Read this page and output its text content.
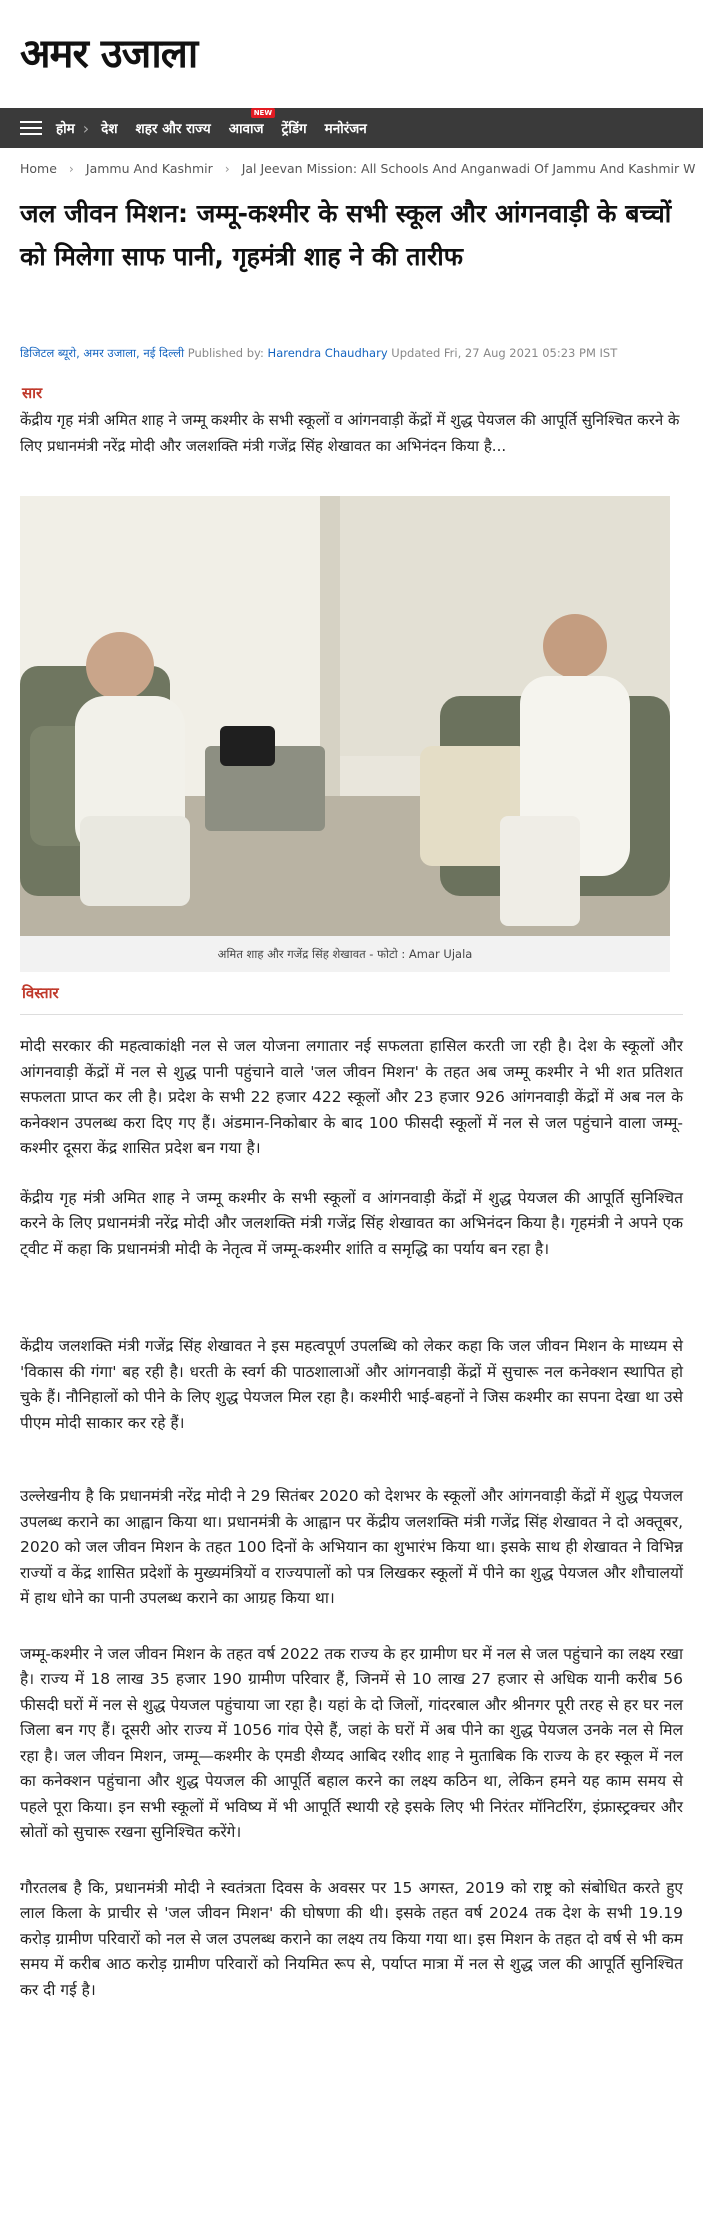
अमर उजाला
होम › देश शहर और राज्य
NEW
आवाज ट्रेंडिंग मनोरंजन
Home › Jammu And Kashmir › Jal Jeevan Mission: All Schools And Anganwadi Of Jammu And Kashmir W
जल जीवन मिशन: जम्मू-कश्मीर के सभी स्कूल और आंगनवाड़ी के बच्चों को मिलेगा साफ पानी, गृहमंत्री शाह ने की तारीफ
डिजिटल ब्यूरो, अमर उजाला, नई दिल्ली Published by: Harendra Chaudhary Updated Fri, 27 Aug 2021 05:23 PM IST
सार

केंद्रीय गृह मंत्री अमित शाह ने जम्मू कश्मीर के सभी स्कूलों व आंगनवाड़ी केंद्रों में शुद्ध पेयजल की आपूर्ति सुनिश्चित करने के लिए प्रधानमंत्री नरेंद्र मोदी और जलशक्ति मंत्री गजेंद्र सिंह शेखावत का अभिनंदन किया है...

अमित शाह और गजेंद्र सिंह शेखावत - फोटो : Amar Ujala
विस्तार

मोदी सरकार की महत्वाकांक्षी नल से जल योजना लगातार नई सफलता हासिल करती जा रही है। देश के स्कूलों और आंगनवाड़ी केंद्रों में नल से शुद्ध पानी पहुंचाने वाले 'जल जीवन मिशन' के तहत अब जम्मू कश्मीर ने भी शत प्रतिशत सफलता प्राप्त कर ली है। प्रदेश के सभी 22 हजार 422 स्कूलों और 23 हजार 926 आंगनवाड़ी केंद्रों में अब नल के कनेक्शन उपलब्ध करा दिए गए हैं। अंडमान-निकोबार के बाद 100 फीसदी स्कूलों में नल से जल पहुंचाने वाला जम्मू-कश्मीर दूसरा केंद्र शासित प्रदेश बन गया है।

केंद्रीय गृह मंत्री अमित शाह ने जम्मू कश्मीर के सभी स्कूलों व आंगनवाड़ी केंद्रों में शुद्ध पेयजल की आपूर्ति सुनिश्चित करने के लिए प्रधानमंत्री नरेंद्र मोदी और जलशक्ति मंत्री गजेंद्र सिंह शेखावत का अभिनंदन किया है। गृहमंत्री ने अपने एक ट्वीट में कहा कि प्रधानमंत्री मोदी के नेतृत्व में जम्मू-कश्मीर शांति व समृद्धि का पर्याय बन रहा है।

केंद्रीय जलशक्ति मंत्री गजेंद्र सिंह शेखावत ने इस महत्वपूर्ण उपलब्धि को लेकर कहा कि जल जीवन मिशन के माध्यम से 'विकास की गंगा' बह रही है। धरती के स्वर्ग की पाठशालाओं और आंगनवाड़ी केंद्रों में सुचारू नल कनेक्शन स्थापित हो चुके हैं। नौनिहालों को पीने के लिए शुद्ध पेयजल मिल रहा है। कश्मीरी भाई-बहनों ने जिस कश्मीर का सपना देखा था उसे पीएम मोदी साकार कर रहे हैं।

उल्लेखनीय है कि प्रधानमंत्री नरेंद्र मोदी ने 29 सितंबर 2020 को देशभर के स्कूलों और आंगनवाड़ी केंद्रों में शुद्ध पेयजल उपलब्ध कराने का आह्वान किया था। प्रधानमंत्री के आह्वान पर केंद्रीय जलशक्ति मंत्री गजेंद्र सिंह शेखावत ने दो अक्तूबर, 2020 को जल जीवन मिशन के तहत 100 दिनों के अभियान का शुभारंभ किया था। इसके साथ ही शेखावत ने विभिन्न राज्यों व केंद्र शासित प्रदेशों के मुख्यमंत्रियों व राज्यपालों को पत्र लिखकर स्कूलों में पीने का शुद्ध पेयजल और शौचालयों में हाथ धोने का पानी उपलब्ध कराने का आग्रह किया था।

जम्मू-कश्मीर ने जल जीवन मिशन के तहत वर्ष 2022 तक राज्य के हर ग्रामीण घर में नल से जल पहुंचाने का लक्ष्य रखा है। राज्य में 18 लाख 35 हजार 190 ग्रामीण परिवार हैं, जिनमें से 10 लाख 27 हजार से अधिक यानी करीब 56 फीसदी घरों में नल से शुद्ध पेयजल पहुंचाया जा रहा है। यहां के दो जिलों, गांदरबाल और श्रीनगर पूरी तरह से हर घर नल जिला बन गए हैं। दूसरी ओर राज्य में 1056 गांव ऐसे हैं, जहां के घरों में अब पीने का शुद्ध पेयजल उनके नल से मिल रहा है। जल जीवन मिशन, जम्मू—कश्मीर के एमडी शैय्यद आबिद रशीद शाह ने मुताबिक कि राज्य के हर स्कूल में नल का कनेक्शन पहुंचाना और शुद्ध पेयजल की आपूर्ति बहाल करने का लक्ष्य कठिन था, लेकिन हमने यह काम समय से पहले पूरा किया। इन सभी स्कूलों में भविष्य में भी आपूर्ति स्थायी रहे इसके लिए भी निरंतर मॉनिटरिंग, इंफ्रास्ट्रक्चर और स्रोतों को सुचारू रखना सुनिश्चित करेंगे।

गौरतलब है कि, प्रधानमंत्री मोदी ने स्वतंत्रता दिवस के अवसर पर 15 अगस्त, 2019 को राष्ट्र को संबोधित करते हुए लाल किला के प्राचीर से 'जल जीवन मिशन' की घोषणा की थी। इसके तहत वर्ष 2024 तक देश के सभी 19.19 करोड़ ग्रामीण परिवारों को नल से जल उपलब्ध कराने का लक्ष्य तय किया गया था। इस मिशन के तहत दो वर्ष से भी कम समय में करीब आठ करोड़ ग्रामीण परिवारों को नियमित रूप से, पर्याप्त मात्रा में नल से शुद्ध जल की आपूर्ति सुनिश्चित कर दी गई है।
